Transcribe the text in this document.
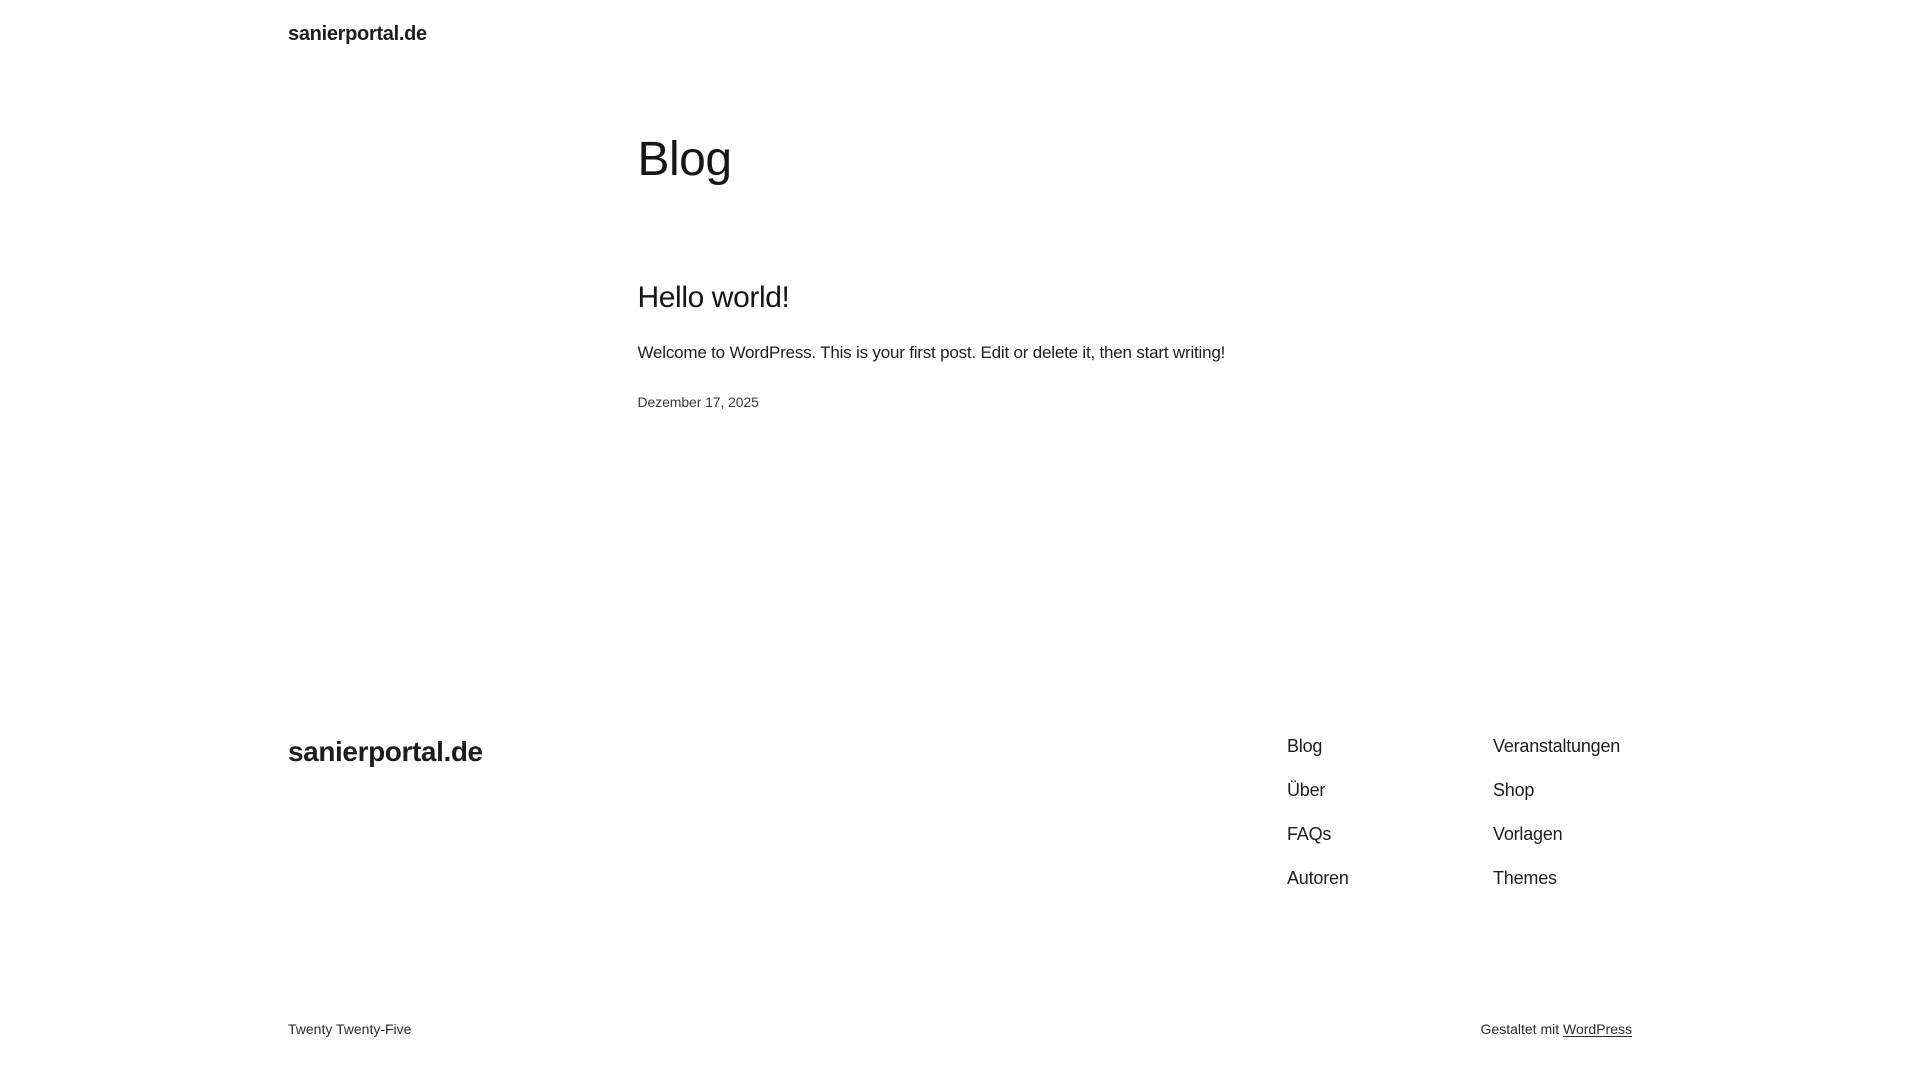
sanierportal.de
Blog
Hello world!

Welcome to WordPress. This is your first post. Edit or delete it, then start writing!

Dezember 17, 2025
sanierportal.de	Blog
Über
FAQs
Autoren
Veranstaltungen
Shop
Vorlagen
Themes
Twenty Twenty-Five	Gestaltet mit WordPress
